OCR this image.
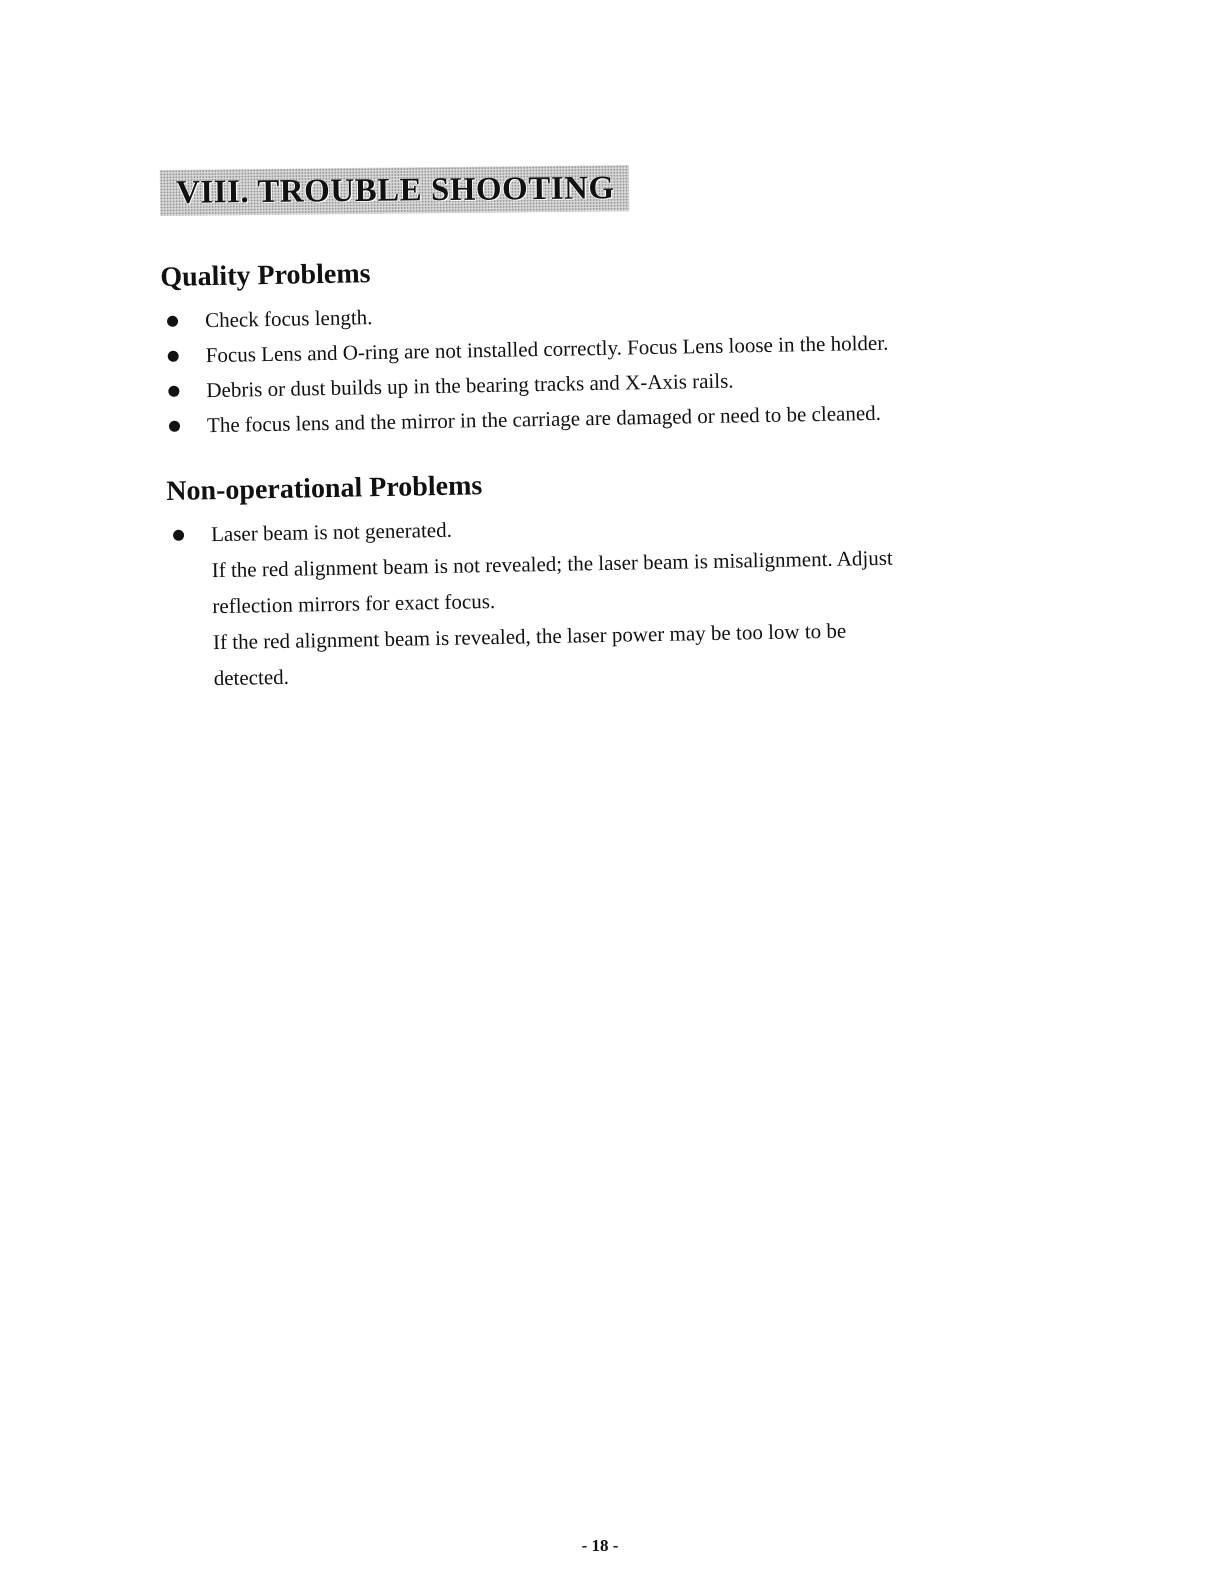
VIII. TROUBLE SHOOTING
Quality Problems
Check focus length.
Focus Lens and O-ring are not installed correctly. Focus Lens loose in the holder.
Debris or dust builds up in the bearing tracks and X-Axis rails.
The focus lens and the mirror in the carriage are damaged or need to be cleaned.
Non-operational Problems
Laser beam is not generated.
If the red alignment beam is not revealed; the laser beam is misalignment. Adjust
reflection mirrors for exact focus.
If the red alignment beam is revealed, the laser power may be too low to be
detected.
- 18 -
